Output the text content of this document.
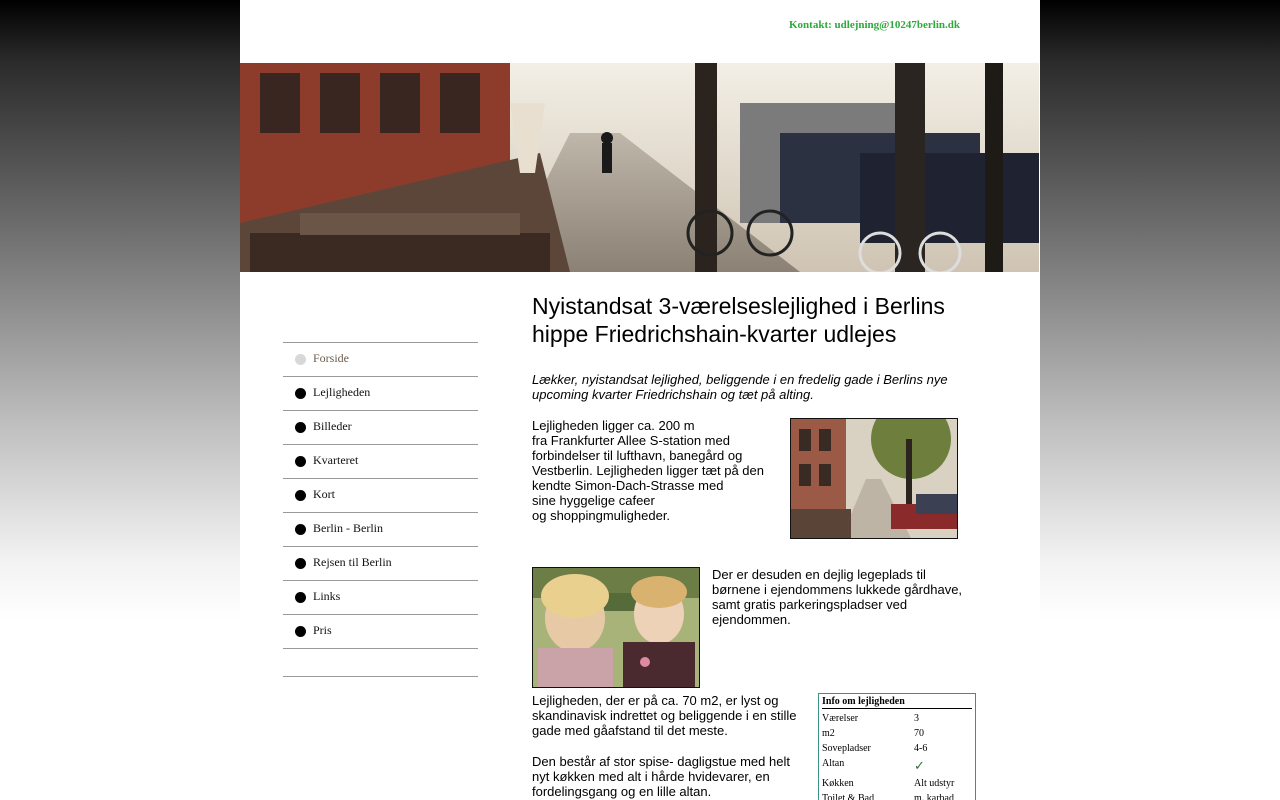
Kontakt: udlejning@10247berlin.dk
Forside
Lejligheden
Billeder
Kvarteret
Kort
Berlin - Berlin
Rejsen til Berlin
Links
Pris
Nyistandsat 3-værelseslejlighed i Berlins hippe Friedrichshain-kvarter udlejes

Lækker, nyistandsat lejlighed, beliggende i en fredelig gade i Berlins nye upcoming kvarter Friedrichshain og tæt på alting.

Lejligheden ligger ca. 200 m
fra Frankfurter Allee S-station med
forbindelser til lufthavn, banegård og
Vestberlin. Lejligheden ligger tæt på den
kendte Simon-Dach-Strasse med
sine hyggelige cafeer
og shoppingmuligheder.

Der er desuden en dejlig legeplads til børnene i ejendommens lukkede gårdhave, samt gratis parkeringspladser ved ejendommen.

Lejligheden, der er på ca. 70 m2, er lyst og skandinavisk indrettet og beliggende i en stille gade med gåafstand til det meste.

Den består af stor spise- dagligstue med helt nyt køkken med alt i hårde hvidevarer, en fordelingsgang og en lille altan.

Info om lejligheden
Værelser	3
m2	70
Sovepladser	4-6
Altan	✓
Køkken	Alt udstyr
Toilet & Bad	m. karbad
